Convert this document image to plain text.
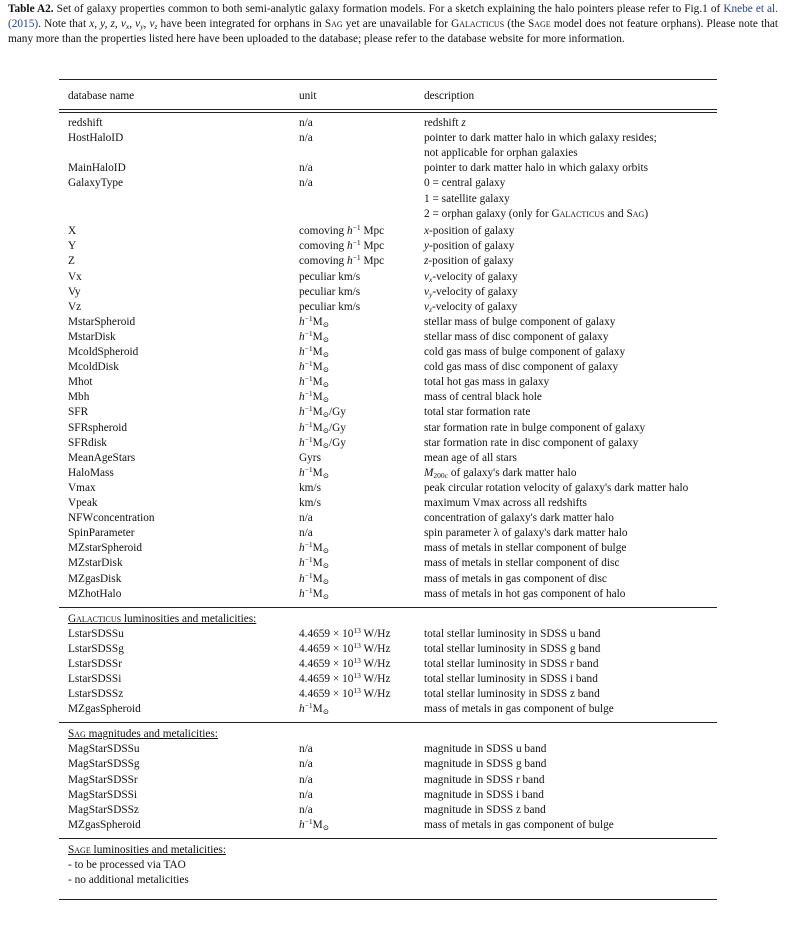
Table A2. Set of galaxy properties common to both semi-analytic galaxy formation models. For a sketch explaining the halo pointers please refer to Fig.1 of Knebe et al. (2015). Note that x, y, z, $v_x$, $v_y$, $v_z$ have been integrated for orphans in Sag yet are unavailable for Galacticus (the Sage model does not feature orphans). Please note that many more than the properties listed here have been uploaded to the database; please refer to the database website for more information.
database name	unit	description
redshift	n/a	redshift z
HostHaloID	n/a	pointer to dark matter halo in which galaxy resides;
not applicable for orphan galaxies
MainHaloID	n/a	pointer to dark matter halo in which galaxy orbits
GalaxyType	n/a	0 = central galaxy
1 = satellite galaxy
2 = orphan galaxy (only for Galacticus and Sag)
X	comoving $h^{-1}$ Mpc	x-position of galaxy
Y	comoving $h^{-1}$ Mpc	y-position of galaxy
Z	comoving $h^{-1}$ Mpc	z-position of galaxy
Vx	peculiar km/s	$v_x$-velocity of galaxy
Vy	peculiar km/s	$v_y$-velocity of galaxy
Vz	peculiar km/s	$v_z$-velocity of galaxy
MstarSpheroid	$h^{-1}M_⊙$	stellar mass of bulge component of galaxy
MstarDisk	$h^{-1}M_⊙$	stellar mass of disc component of galaxy
McoldSpheroid	$h^{-1}M_⊙$	cold gas mass of bulge component of galaxy
McoldDisk	$h^{-1}M_⊙$	cold gas mass of disc component of galaxy
Mhot	$h^{-1}M_⊙$	total hot gas mass in galaxy
Mbh	$h^{-1}M_⊙$	mass of central black hole
SFR	$h^{-1}M_⊙/Gy$	total star formation rate
SFRspheroid	$h^{-1}M_⊙/Gy$	star formation rate in bulge component of galaxy
SFRdisk	$h^{-1}M_⊙/Gy$	star formation rate in disc component of galaxy
MeanAgeStars	Gyrs	mean age of all stars
HaloMass	$h^{-1}M_⊙$	$M_{200c}$ of galaxy's dark matter halo
Vmax	km/s	peak circular rotation velocity of galaxy's dark matter halo
Vpeak	km/s	maximum Vmax across all redshifts
NFWconcentration	n/a	concentration of galaxy's dark matter halo
SpinParameter	n/a	spin parameter λ of galaxy's dark matter halo
MZstarSpheroid	$h^{-1}M_⊙$	mass of metals in stellar component of bulge
MZstarDisk	$h^{-1}M_⊙$	mass of metals in stellar component of disc
MZgasDisk	$h^{-1}M_⊙$	mass of metals in gas component of disc
MZhotHalo	$h^{-1}M_⊙$	mass of metals in hot gas component of halo
Galacticus luminosities and metalicities:
LstarSDSSu	$4.4659 \times 10^{13}$ W/Hz	total stellar luminosity in SDSS u band
LstarSDSSg	$4.4659 \times 10^{13}$ W/Hz	total stellar luminosity in SDSS g band
LstarSDSSr	$4.4659 \times 10^{13}$ W/Hz	total stellar luminosity in SDSS r band
LstarSDSSi	$4.4659 \times 10^{13}$ W/Hz	total stellar luminosity in SDSS i band
LstarSDSSz	$4.4659 \times 10^{13}$ W/Hz	total stellar luminosity in SDSS z band
MZgasSpheroid	$h^{-1}M_⊙$	mass of metals in gas component of bulge
Sag magnitudes and metalicities:
MagStarSDSSu	n/a	magnitude in SDSS u band
MagStarSDSSg	n/a	magnitude in SDSS g band
MagStarSDSSr	n/a	magnitude in SDSS r band
MagStarSDSSi	n/a	magnitude in SDSS i band
MagStarSDSSz	n/a	magnitude in SDSS z band
MZgasSpheroid	$h^{-1}M_⊙$	mass of metals in gas component of bulge
Sage luminosities and metalicities:
- to be processed via TAO
- no additional metalicities
